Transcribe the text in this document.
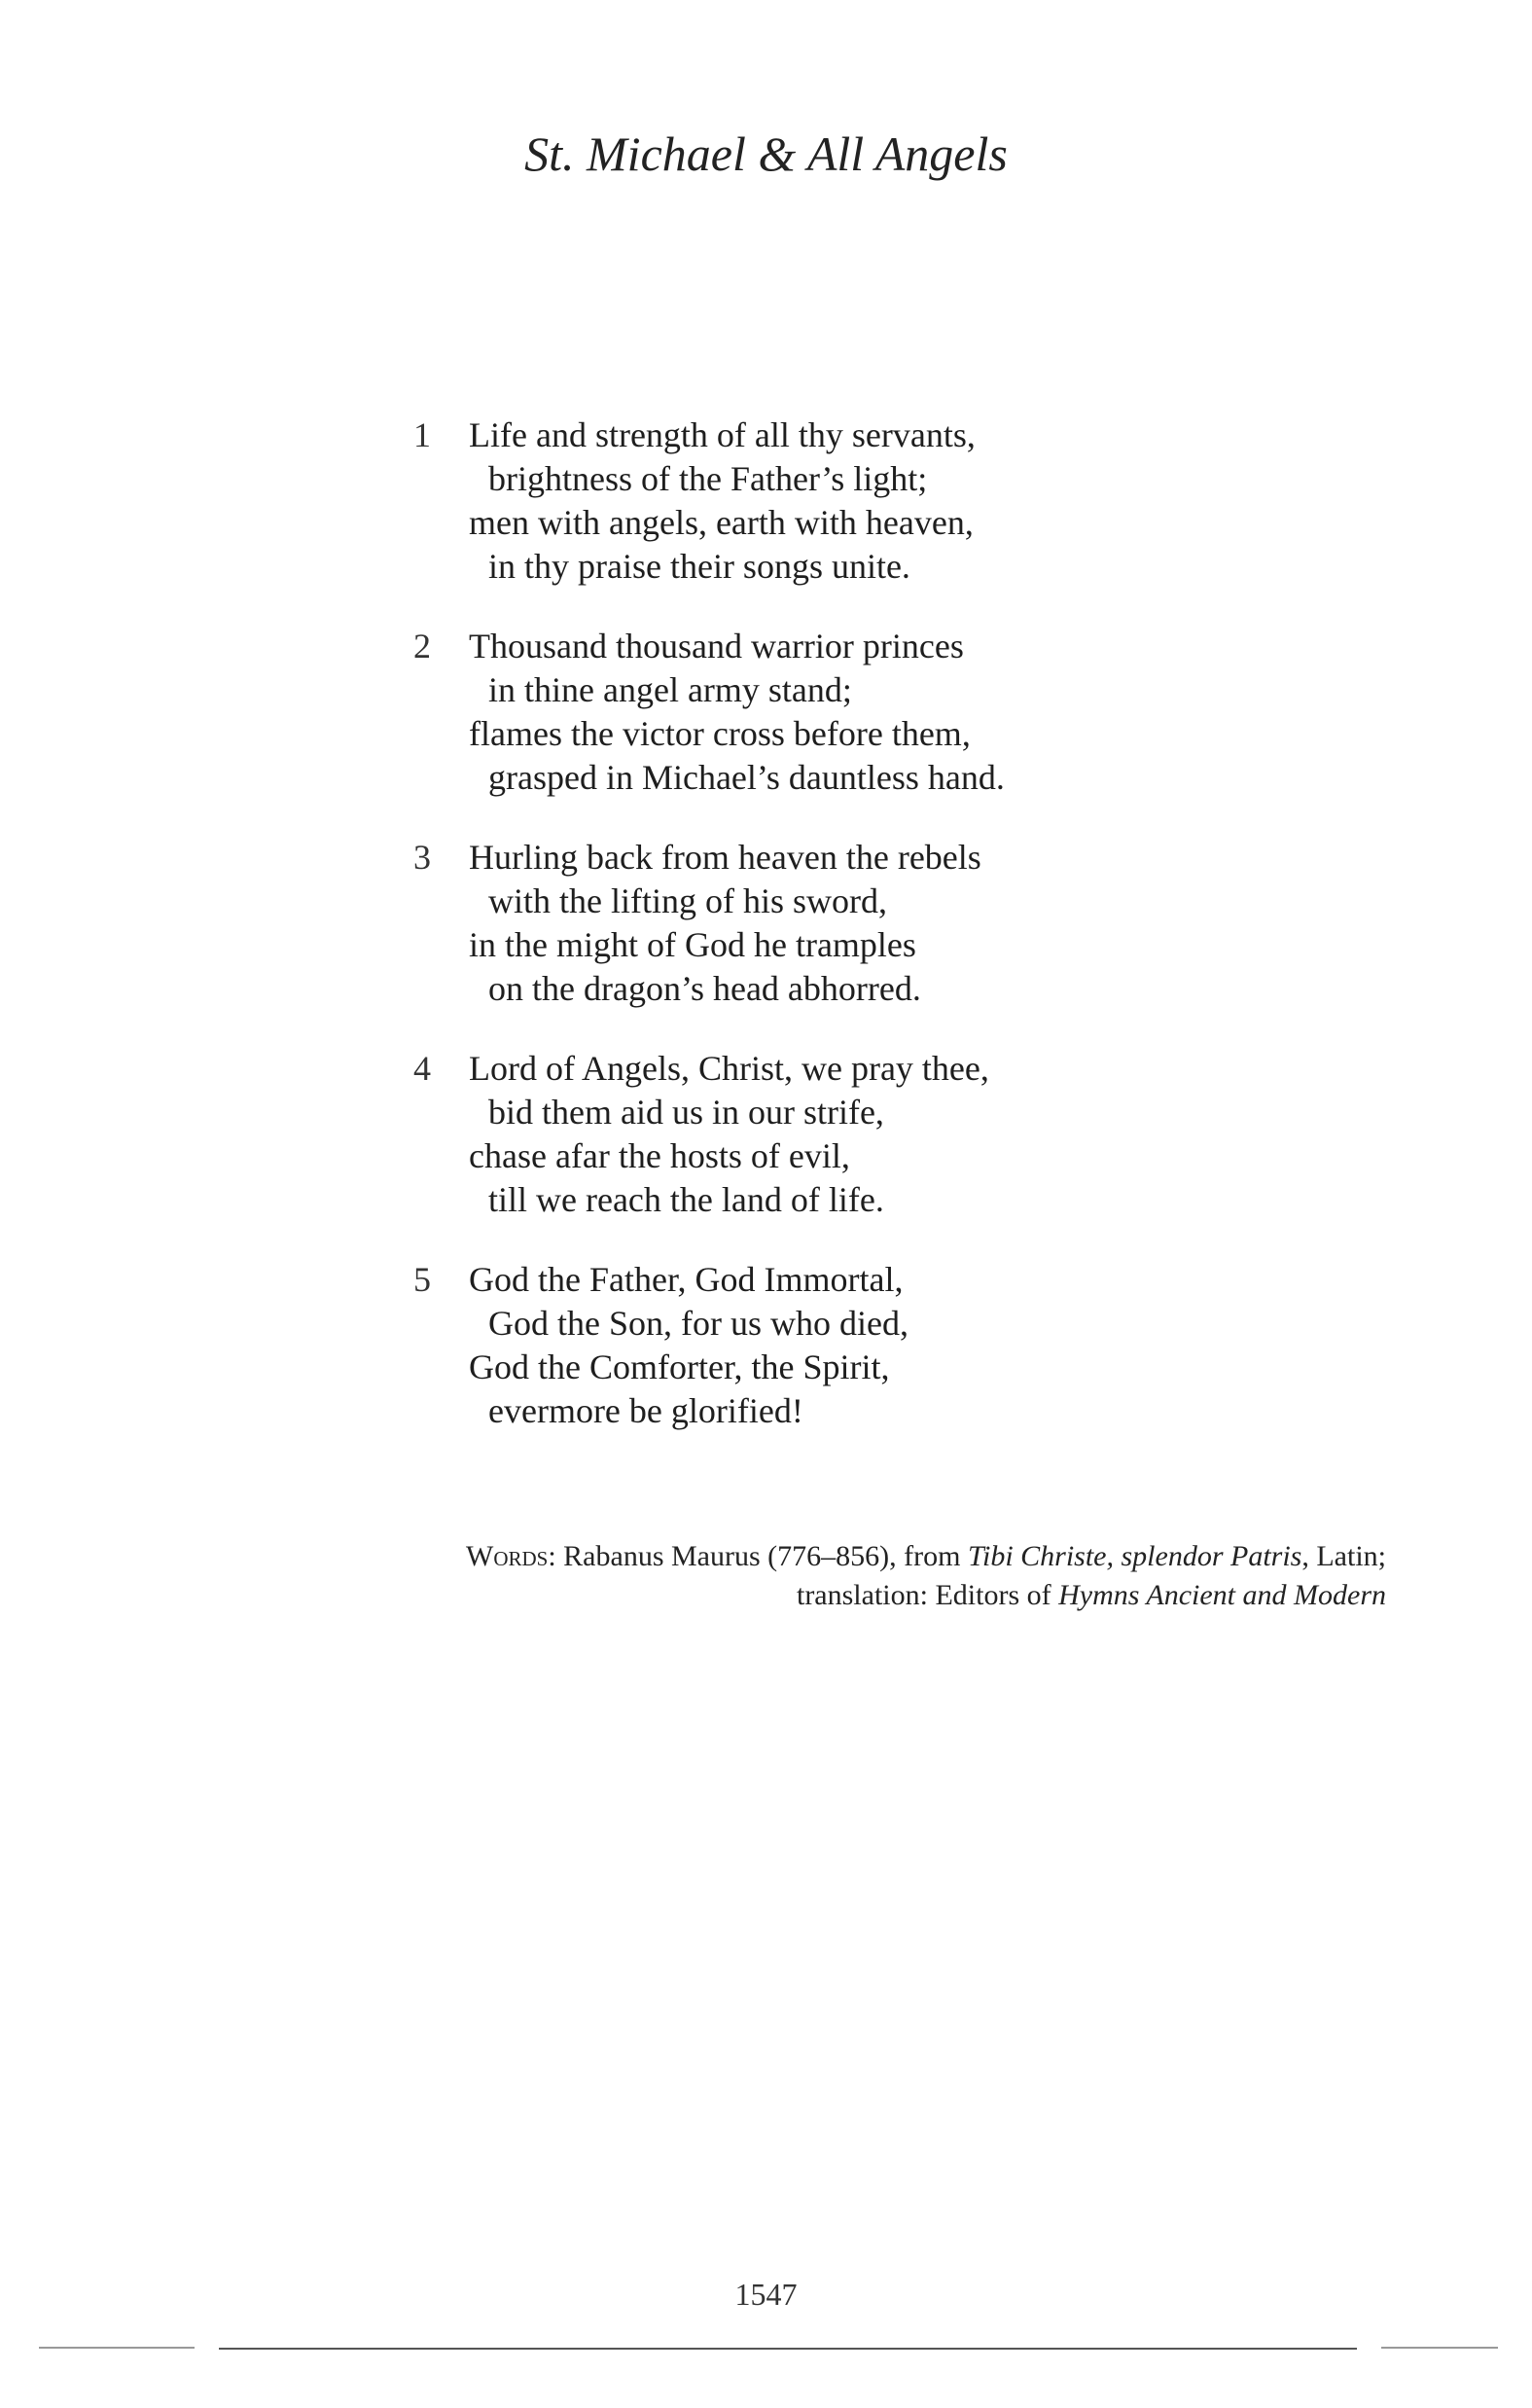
St. Michael & All Angels
1 Life and strength of all thy servants,
brightness of the Father’s light;
men with angels, earth with heaven,
in thy praise their songs unite.
2 Thousand thousand warrior princes
in thine angel army stand;
flames the victor cross before them,
grasped in Michael’s dauntless hand.
3 Hurling back from heaven the rebels
with the lifting of his sword,
in the might of God he tramples
on the dragon’s head abhorred.
4 Lord of Angels, Christ, we pray thee,
bid them aid us in our strife,
chase afar the hosts of evil,
till we reach the land of life.
5 God the Father, God Immortal,
God the Son, for us who died,
God the Comforter, the Spirit,
evermore be glorified!
Words: Rabanus Maurus (776–856), from Tibi Christe, splendor Patris, Latin;
translation: Editors of Hymns Ancient and Modern
1547
